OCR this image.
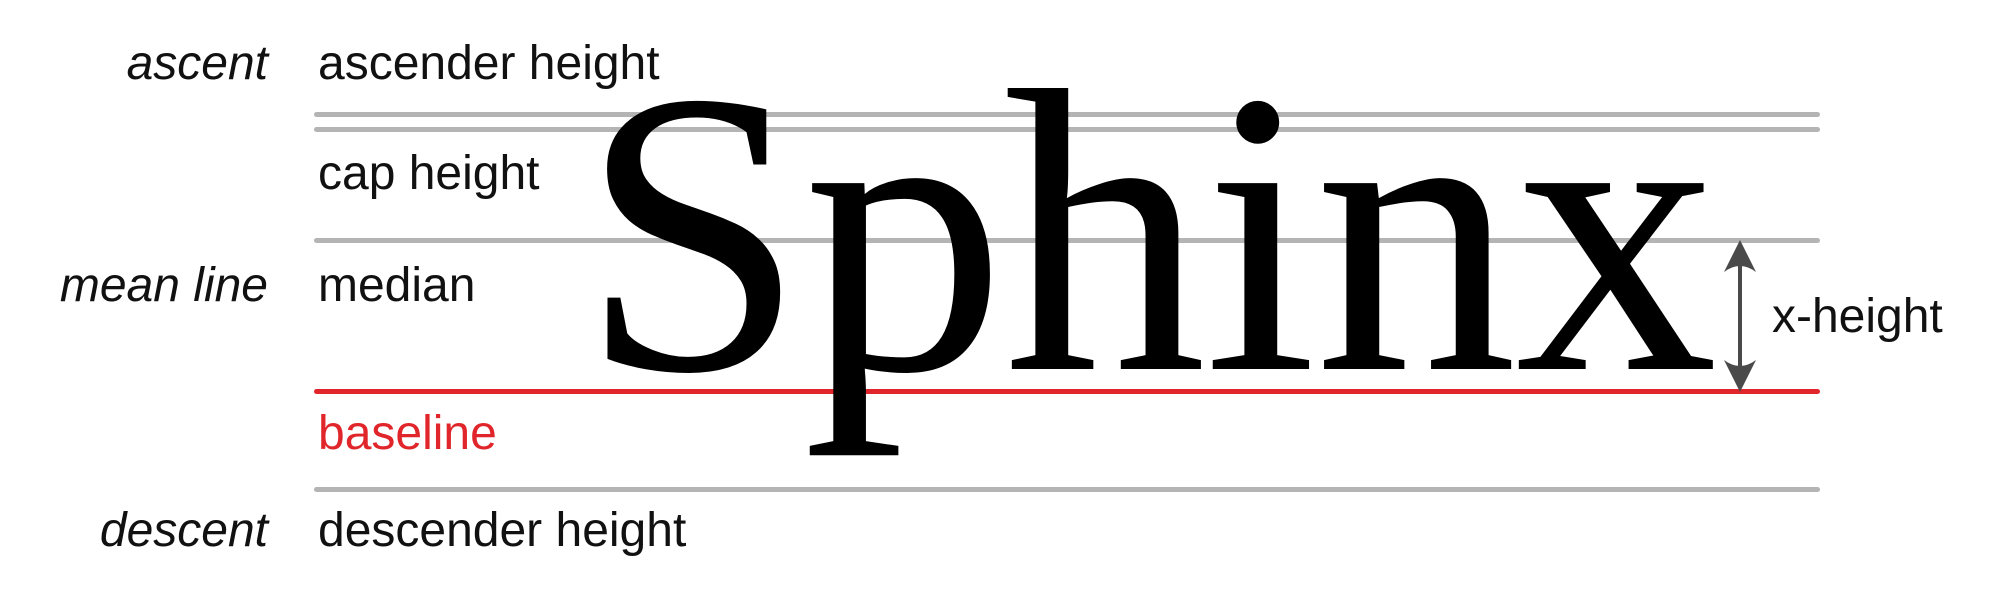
ascent
mean line
descent
ascender height
cap height
median
baseline
descender height
Sphinx x-height
